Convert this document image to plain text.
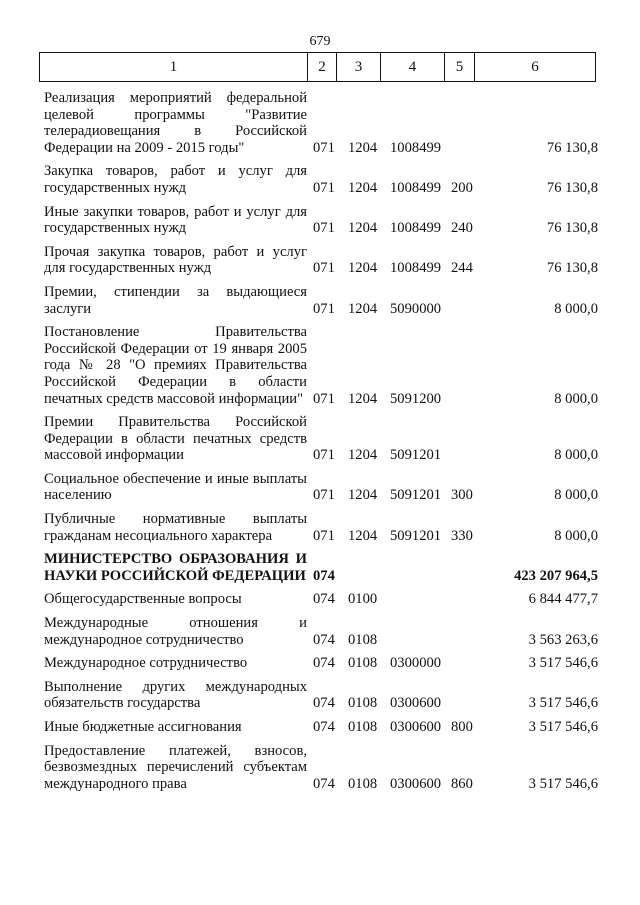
679
1	2	3	4	5	6
Реализация мероприятий федеральной целевой программы "Развитие телерадиовещания в Российской Федерации на 2009 - 2015 годы"	071 1204 1008499	76 130,8
Закупка товаров, работ и услуг для государственных нужд	071 1204 1008499 200	76 130,8
Иные закупки товаров, работ и услуг для государственных нужд	071 1204 1008499 240	76 130,8
Прочая закупка товаров, работ и услуг для государственных нужд	071 1204 1008499 244	76 130,8
Премии, стипендии за выдающиеся заслуги	071 1204 5090000	8 000,0
Постановление Правительства Российской Федерации от 19 января 2005 года № 28 "О премиях Правительства Российской Федерации в области печатных средств массовой информации" 071 1204 5091200	8 000,0
Премии Правительства Российской Федерации в области печатных средств массовой информации	071 1204 5091201	8 000,0
Социальное обеспечение и иные выплаты населению	071 1204 5091201 300	8 000,0
Публичные нормативные выплаты гражданам несоциального характера	071 1204 5091201 330	8 000,0
МИНИСТЕРСТВО ОБРАЗОВАНИЯ И НАУКИ РОССИЙСКОЙ ФЕДЕРАЦИИ 074	423 207 964,5
Общегосударственные вопросы	074 0100	6 844 477,7
Международные отношения и международное сотрудничество	074 0108	3 563 263,6
Международное сотрудничество	074 0108 0300000	3 517 546,6
Выполнение других международных обязательств государства	074 0108 0300600	3 517 546,6
Иные бюджетные ассигнования	074 0108 0300600 800	3 517 546,6
Предоставление платежей, взносов, безвозмездных перечислений субъектам международного права	074 0108 0300600 860	3 517 546,6
